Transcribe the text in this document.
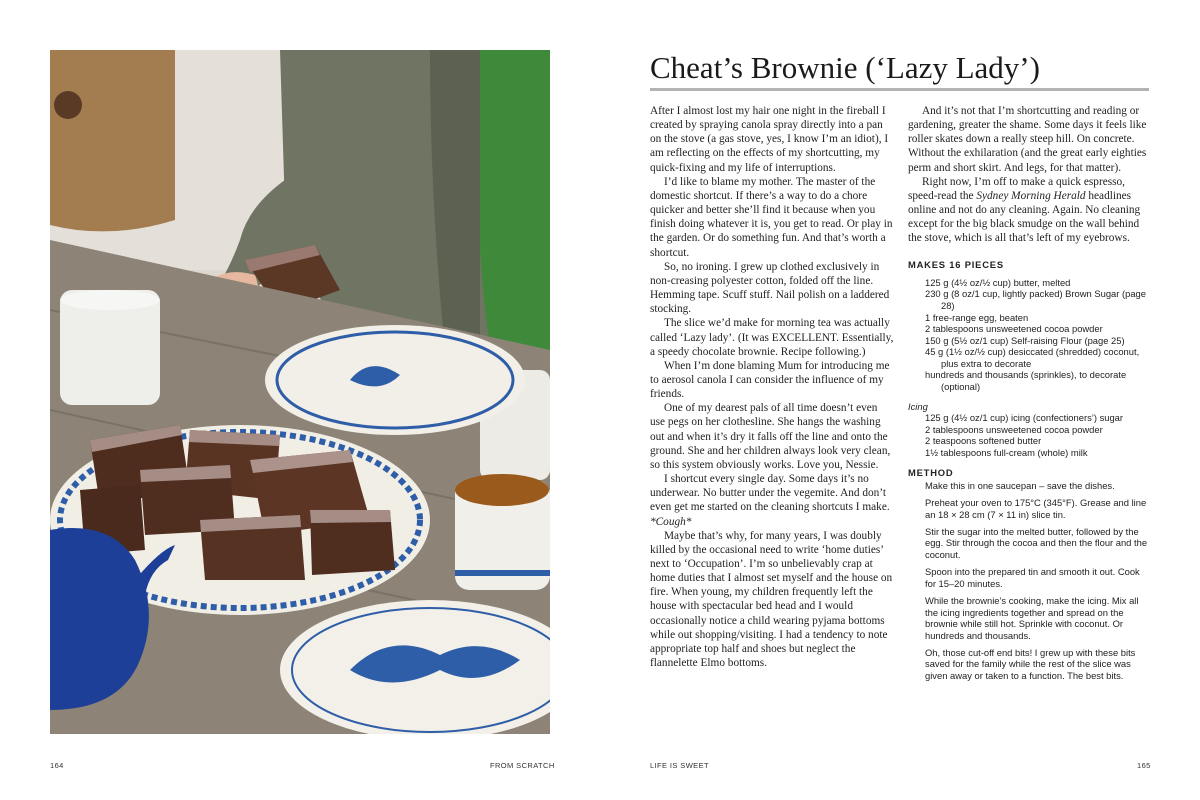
Cheat’s Brownie (‘Lazy Lady’)

After I almost lost my hair one night in the fireball I created by spraying canola spray directly into a pan on the stove (a gas stove, yes, I know I’m an idiot), I am reflecting on the effects of my shortcutting, my quick-fixing and my life of interruptions.

I’d like to blame my mother. The master of the domestic shortcut. If there’s a way to do a chore quicker and better she’ll find it because when you finish doing whatever it is, you get to read. Or play in the garden. Or do something fun. And that’s worth a shortcut.

So, no ironing. I grew up clothed exclusively in non-creasing polyester cotton, folded off the line. Hemming tape. Scuff stuff. Nail polish on a laddered stocking.

The slice we’d make for morning tea was actually called ‘Lazy lady’. (It was EXCELLENT. Essentially, a speedy chocolate brownie. Recipe following.)

When I’m done blaming Mum for introducing me to aerosol canola I can consider the influence of my friends.

One of my dearest pals of all time doesn’t even use pegs on her clothesline. She hangs the washing out and when it’s dry it falls off the line and onto the ground. She and her children always look very clean, so this system obviously works. Love you, Nessie.

I shortcut every single day. Some days it’s no underwear. No butter under the vegemite. And don’t even get me started on the cleaning shortcuts I make. *Cough*

Maybe that’s why, for many years, I was doubly killed by the occasional need to write ‘home duties’ next to ‘Occupation’. I’m so unbelievably crap at home duties that I almost set myself and the house on fire. When young, my children frequently left the house with spectacular bed head and I would occasionally notice a child wearing pyjama bottoms while out shopping/visiting. I had a tendency to note appropriate top half and shoes but neglect the flannelette Elmo bottoms.

And it’s not that I’m shortcutting and reading or gardening, greater the shame. Some days it feels like roller skates down a really steep hill. On concrete. Without the exhilaration (and the great early eighties perm and short skirt. And legs, for that matter).

Right now, I’m off to make a quick espresso, speed-read the Sydney Morning Herald headlines online and not do any cleaning. Again. No cleaning except for the big black smudge on the wall behind the stove, which is all that’s left of my eyebrows.

MAKES 16 PIECES
125 g (4½ oz/½ cup) butter, melted
230 g (8 oz/1 cup, lightly packed) Brown Sugar (page 28)
1 free-range egg, beaten
2 tablespoons unsweetened cocoa powder
150 g (5½ oz/1 cup) Self-raising Flour (page 25)
45 g (1½ oz/½ cup) desiccated (shredded) coconut, plus extra to decorate
hundreds and thousands (sprinkles), to decorate (optional)

Icing

125 g (4½ oz/1 cup) icing (confectioners’) sugar
2 tablespoons unsweetened cocoa powder
2 teaspoons softened butter
1½ tablespoons full-cream (whole) milk
METHOD

Make this in one saucepan – save the dishes.

Preheat your oven to 175°C (345°F). Grease and line an 18 × 28 cm (7 × 11 in) slice tin.

Stir the sugar into the melted butter, followed by the egg. Stir through the cocoa and then the flour and the coconut.

Spoon into the prepared tin and smooth it out. Cook for 15–20 minutes.

While the brownie’s cooking, make the icing. Mix all the icing ingredients together and spread on the brownie while still hot. Sprinkle with coconut. Or hundreds and thousands.

Oh, those cut-off end bits! I grew up with these bits saved for the family while the rest of the slice was given away or taken to a function. The best bits.

164	FROM SCRATCH	LIFE IS SWEET	165
